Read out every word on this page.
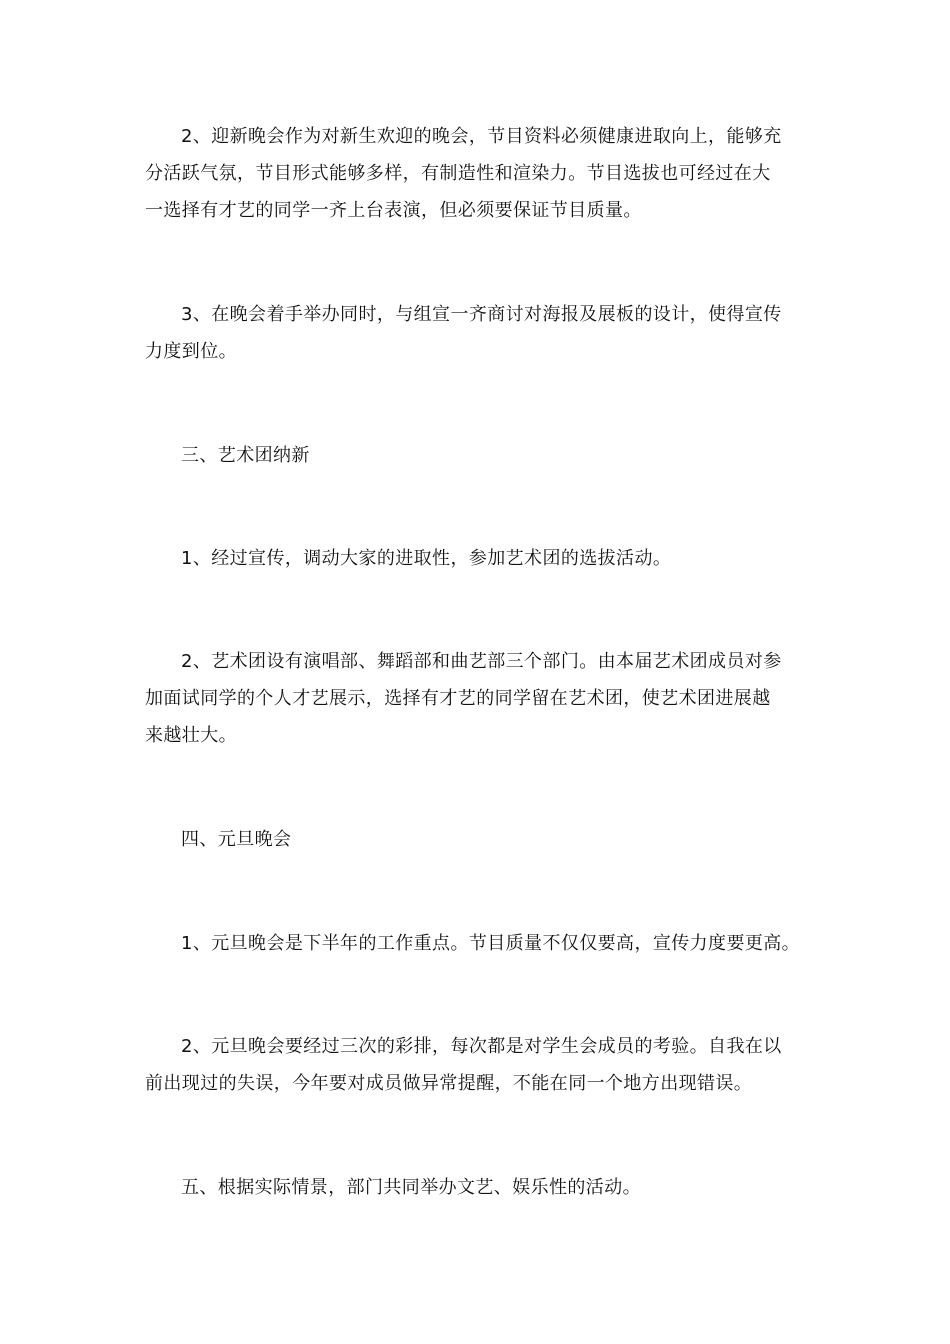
2、迎新晚会作为对新生欢迎的晚会，节目资料必须健康进取向上，能够充
分活跃气氛，节目形式能够多样，有制造性和渲染力。节目选拔也可经过在大
一选择有才艺的同学一齐上台表演，但必须要保证节目质量。

3、在晚会着手举办同时，与组宣一齐商讨对海报及展板的设计，使得宣传
力度到位。

三、艺术团纳新

1、经过宣传，调动大家的进取性，参加艺术团的选拔活动。

2、艺术团设有演唱部、舞蹈部和曲艺部三个部门。由本届艺术团成员对参
加面试同学的个人才艺展示，选择有才艺的同学留在艺术团，使艺术团进展越
来越壮大。

四、元旦晚会

1、元旦晚会是下半年的工作重点。节目质量不仅仅要高，宣传力度要更高。

2、元旦晚会要经过三次的彩排，每次都是对学生会成员的考验。自我在以
前出现过的失误，今年要对成员做异常提醒，不能在同一个地方出现错误。

五、根据实际情景，部门共同举办文艺、娱乐性的活动。
